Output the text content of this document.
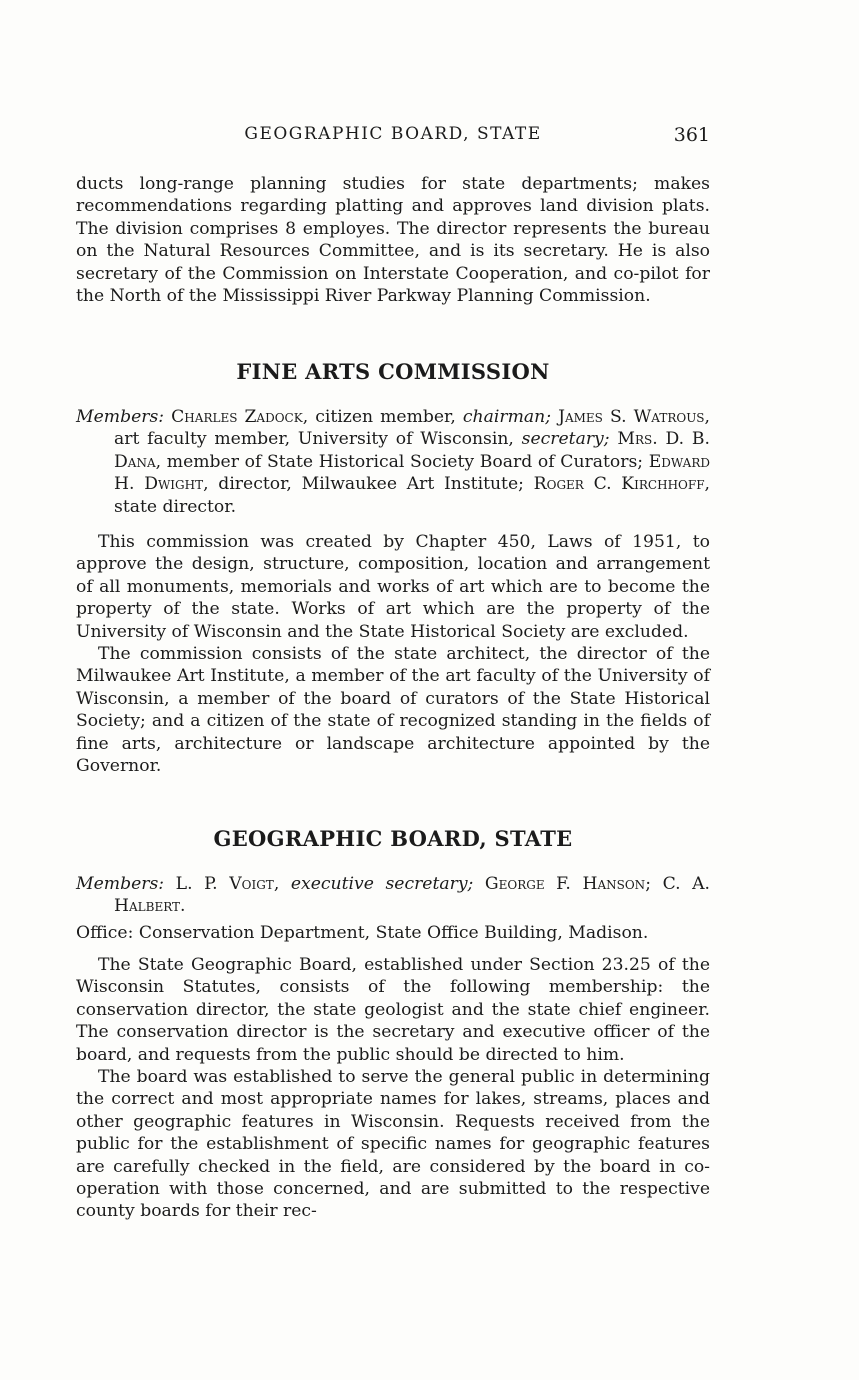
GEOGRAPHIC BOARD, STATE	361

ducts long-range planning studies for state departments; makes recommendations regarding platting and approves land division plats. The division comprises 8 employes. The director represents the bureau on the Natural Resources Committee, and is its secretary. He is also secretary of the Commission on Interstate Cooperation, and co-pilot for the North of the Mississippi River Parkway Planning Commission.

FINE ARTS COMMISSION

Members: Charles Zadock, citizen member, chairman; James S. Watrous, art faculty member, University of Wisconsin, secretary; Mrs. D. B. Dana, member of State Historical Society Board of Curators; Edward H. Dwight, director, Milwaukee Art Institute; Roger C. Kirchhoff, state director.

This commission was created by Chapter 450, Laws of 1951, to approve the design, structure, composition, location and arrangement of all monuments, memorials and works of art which are to become the property of the state. Works of art which are the property of the University of Wisconsin and the State Historical Society are excluded.

The commission consists of the state architect, the director of the Milwaukee Art Institute, a member of the art faculty of the University of Wisconsin, a member of the board of curators of the State Historical Society; and a citizen of the state of recognized standing in the fields of fine arts, architecture or landscape architecture appointed by the Governor.

GEOGRAPHIC BOARD, STATE

Members: L. P. Voigt, executive secretary; George F. Hanson; C. A. Halbert.

Office: Conservation Department, State Office Building, Madison.

The State Geographic Board, established under Section 23.25 of the Wisconsin Statutes, consists of the following membership: the conservation director, the state geologist and the state chief engineer. The conservation director is the secretary and executive officer of the board, and requests from the public should be directed to him.

The board was established to serve the general public in determining the correct and most appropriate names for lakes, streams, places and other geographic features in Wisconsin. Requests received from the public for the establishment of specific names for geographic features are carefully checked in the field, are considered by the board in co-operation with those concerned, and are submitted to the respective county boards for their rec-
